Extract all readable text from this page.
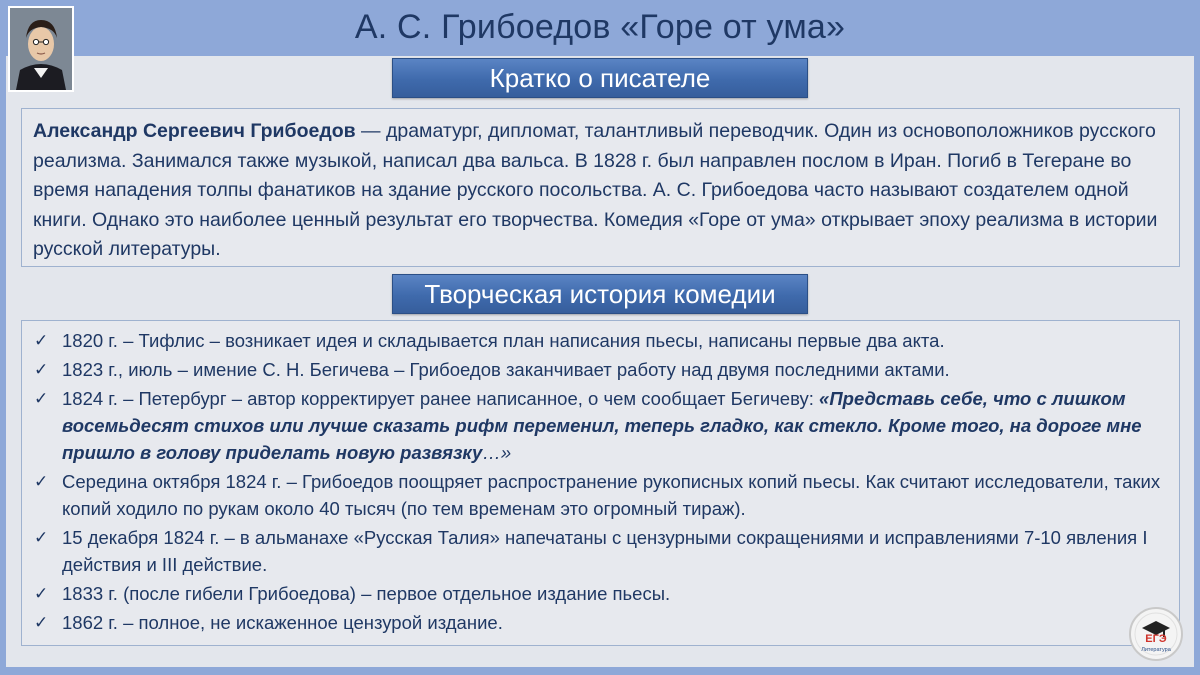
А. С. Грибоедов «Горе от ума»
Кратко о писателе
Александр Сергеевич Грибоедов — драматург, дипломат, талантливый переводчик. Один из основоположников русского реализма. Занимался также музыкой, написал два вальса. В 1828 г. был направлен послом в Иран. Погиб в Тегеране во время нападения толпы фанатиков на здание русского посольства. А. С. Грибоедова часто называют создателем одной книги. Однако это наиболее ценный результат его творчества. Комедия «Горе от ума» открывает эпоху реализма в истории русской литературы.
Творческая история комедии
✓ 1820 г. – Тифлис – возникает идея и складывается план написания пьесы, написаны первые два акта.
✓ 1823 г., июль – имение С. Н. Бегичева – Грибоедов заканчивает работу над двумя последними актами.
✓ 1824 г. – Петербург – автор корректирует ранее написанное, о чем сообщает Бегичеву: «Представь себе, что с лишком восемьдесят стихов или лучше сказать рифм переменил, теперь гладко, как стекло. Кроме того, на дороге мне пришло в голову приделать новую развязку…»
✓ Середина октября 1824 г. – Грибоедов поощряет распространение рукописных копий пьесы. Как считают исследователи, таких копий ходило по рукам около 40 тысяч (по тем временам это огромный тираж).
✓ 15 декабря 1824 г. – в альманахе «Русская Талия» напечатаны с цензурными сокращениями и исправлениями 7-10 явления I действия и III действие.
✓ 1833 г. (после гибели Грибоедова) – первое отдельное издание пьесы.
✓ 1862 г. – полное, не искаженное цензурой издание.
ЕГЭ
Литература
